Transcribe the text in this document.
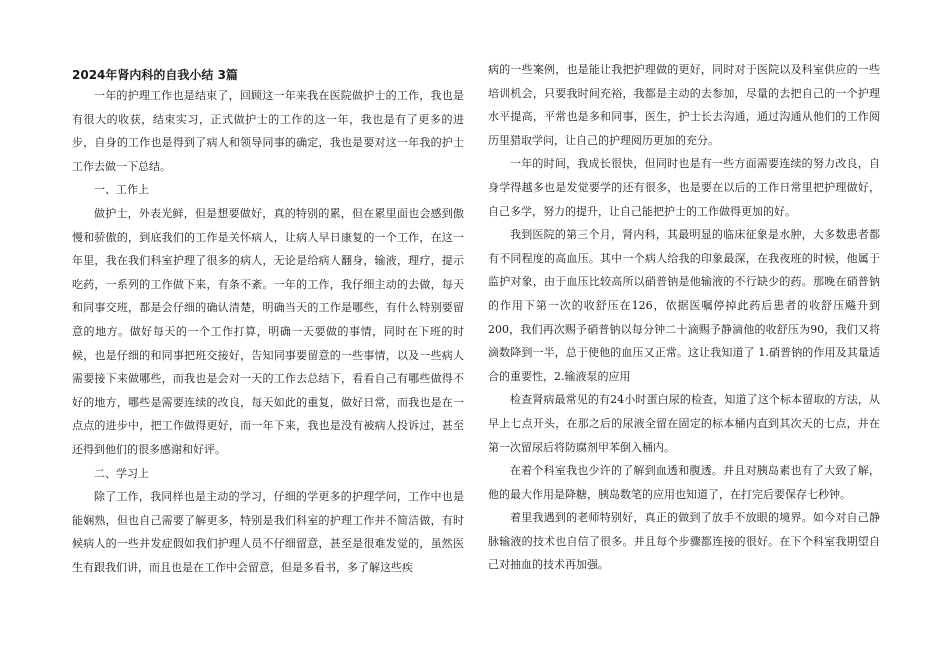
2024年肾内科的自我小结 3篇

一年的护理工作也是结束了，回顾这一年来我在医院做护士的工作，我也是有很大的收获，结束实习，正式做护士的工作的这一年，我也是有了更多的进步，自身的工作也是得到了病人和领导同事的确定，我也是要对这一年我的护士工作去做一下总结。

一、工作上

做护士，外表光鲜，但是想要做好，真的特别的累，但在累里面也会感到傲慢和骄傲的，到底我们的工作是关怀病人，让病人早日康复的一个工作，在这一年里，我在我们科室护理了很多的病人，无论是给病人翻身，输液，理疗，提示吃药，一系列的工作做下来，有条不紊。一年的工作，我仔细主动的去做，每天和同事交班，都是会仔细的确认清楚，明确当天的工作是哪些，有什么特别要留意的地方。做好每天的一个工作打算，明确一天要做的事情，同时在下班的时候，也是仔细的和同事把班交接好，告知同事要留意的一些事情，以及一些病人需要接下来做哪些，而我也是会对一天的工作去总结下，看看自己有哪些做得不好的地方，哪些是需要连续的改良，每天如此的重复，做好日常，而我也是在一点点的进步中，把工作做得更好，而一年下来，我也是没有被病人投诉过，甚至还得到他们的很多感谢和好评。

二、学习上

除了工作，我同样也是主动的学习，仔细的学更多的护理学问，工作中也是能娴熟，但也自己需要了解更多，特别是我们科室的护理工作并不简洁做，有时候病人的一些并发症假如我们护理人员不仔细留意，甚至是很难发觉的，虽然医生有跟我们讲，而且也是在工作中会留意，但是多看书，多了解这些疾

病的一些案例，也是能让我把护理做的更好，同时对于医院以及科室供应的一些培训机会，只要我时间充裕，我都是主动的去参加，尽量的去把自己的一个护理水平提高，平常也是多和同事，医生，护士长去沟通，通过沟通从他们的工作阅历里猎取学问，让自己的护理阅历更加的充分。

一年的时间，我成长很快，但同时也是有一些方面需要连续的努力改良，自身学得越多也是发觉要学的还有很多，也是要在以后的工作日常里把护理做好，自己多学，努力的提升，让自己能把护士的工作做得更加的好。

我到医院的第三个月，肾内科，其最明显的临床征象是水肿，大多数患者都有不同程度的高血压。其中一个病人给我的印象最深，在我夜班的时候，他属于监护对象，由于血压比较高所以硝普钠是他输液的不行缺少的药。那晚在硝普钠的作用下第一次的收舒压在126，依据医嘱停掉此药后患者的收舒压飚升到200，我们再次赐予硝普钠以每分钟二十滴赐予静滴他的收舒压为90，我们又将滴数降到一半，总于使他的血压又正常。这让我知道了 1.硝普钠的作用及其量适合的重要性，2.输液泵的应用

检查肾病最常见的有24小时蛋白尿的检查，知道了这个标本留取的方法，从早上七点开头，在那之后的尿液全留在固定的标本桶内直到其次天的七点，并在第一次留尿后将防腐剂甲苯倒入桶内。

在着个科室我也少许的了解到血透和腹透。并且对胰岛素也有了大致了解，他的最大作用是降糖，胰岛数笔的应用也知道了，在打完后要保存七秒钟。

着里我遇到的老师特别好，真正的做到了放手不放眼的境界。如今对自己静脉输液的技术也自信了很多。并且每个步骤都连接的很好。在下个科室我期望自己对抽血的技术再加强。
